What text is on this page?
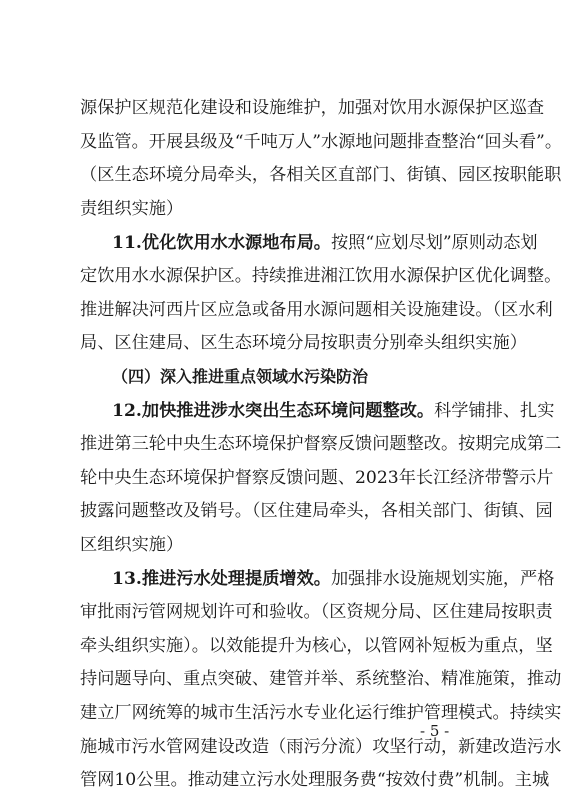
源保护区规范化建设和设施维护，加强对饮用水源保护区巡查
及监管。开展县级及“千吨万人”水源地问题排查整治“回头看”。
（区生态环境分局牵头，各相关区直部门、街镇、园区按职能职
责组织实施）
11.优化饮用水水源地布局。按照“应划尽划”原则动态划
定饮用水水源保护区。持续推进湘江饮用水源保护区优化调整。
推进解决河西片区应急或备用水源问题相关设施建设。（区水利
局、区住建局、区生态环境分局按职责分别牵头组织实施）
（四）深入推进重点领域水污染防治
12.加快推进涉水突出生态环境问题整改。科学铺排、扎实
推进第三轮中央生态环境保护督察反馈问题整改。按期完成第二
轮中央生态环境保护督察反馈问题、2023年长江经济带警示片
披露问题整改及销号。（区住建局牵头，各相关部门、街镇、园
区组织实施）
13.推进污水处理提质增效。加强排水设施规划实施，严格
审批雨污管网规划许可和验收。（区资规分局、区住建局按职责
牵头组织实施）。以效能提升为核心，以管网补短板为重点，坚
持问题导向、重点突破、建管并举、系统整治、精准施策，推动
建立厂网统筹的城市生活污水专业化运行维护管理模式。持续实
施城市污水管网建设改造（雨污分流）攻坚行动，新建改造污水
管网10公里。推动建立污水处理服务费“按效付费”机制。主城
- 5 -
